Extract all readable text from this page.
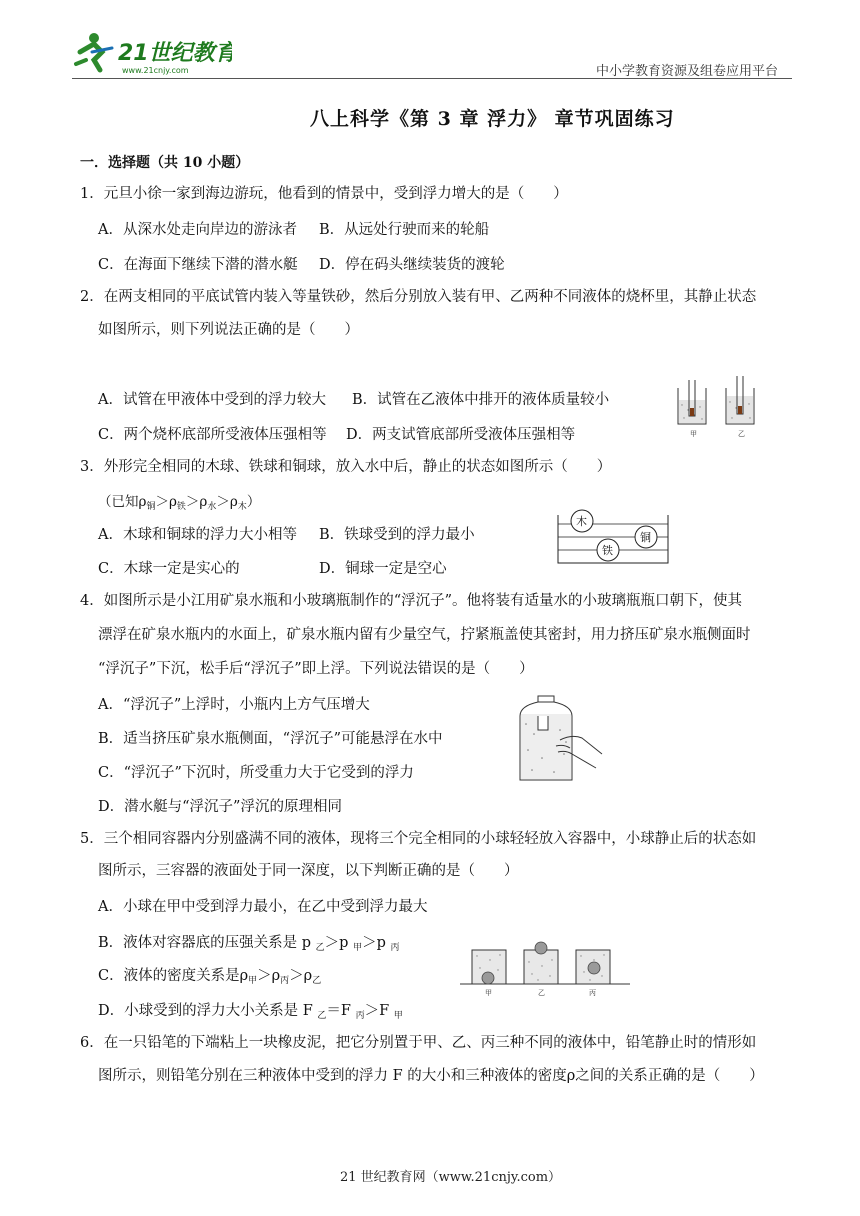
21世纪教育
www.21cnjy.com	中小学教育资源及组卷应用平台
八上科学《第 3 章 浮力》 章节巩固练习
一．选择题（共 10 小题）
1．元旦小徐一家到海边游玩，他看到的情景中，受到浮力增大的是（　　）
A．从深水处走向岸边的游泳者 B．从远处行驶而来的轮船
C．在海面下继续下潜的潜水艇 D．停在码头继续装货的渡轮
2．在两支相同的平底试管内装入等量铁砂，然后分别放入装有甲、乙两种不同液体的烧杯里，其静止状态
如图所示，则下列说法正确的是（　　）
A．试管在甲液体中受到的浮力较大 B．试管在乙液体中排开的液体质量较小
C．两个烧杯底部所受液体压强相等 D．两支试管底部所受液体压强相等	甲	乙
3．外形完全相同的木球、铁球和铜球，放入水中后，静止的状态如图所示（　　）
（已知$\rho_铜>\rho_铁>\rho_水>\rho_木$）
A．木球和铜球的浮力大小相等 B．铁球受到的浮力最小
C．木球一定是实心的	D．铜球一定是空心
木
铜
铁
4．如图所示是小江用矿泉水瓶和小玻璃瓶制作的“浮沉子”。他将装有适量水的小玻璃瓶瓶口朝下，使其
漂浮在矿泉水瓶内的水面上，矿泉水瓶内留有少量空气，拧紧瓶盖使其密封，用力挤压矿泉水瓶侧面时
“浮沉子”下沉，松手后“浮沉子”即上浮。下列说法错误的是（　　）
A．“浮沉子”上浮时，小瓶内上方气压增大
B．适当挤压矿泉水瓶侧面，“浮沉子”可能悬浮在水中
C．“浮沉子”下沉时，所受重力大于它受到的浮力
D．潜水艇与“浮沉子”浮沉的原理相同
5．三个相同容器内分别盛满不同的液体，现将三个完全相同的小球轻轻放入容器中，小球静止后的状态如
图所示，三容器的液面处于同一深度，以下判断正确的是（　　）
A．小球在甲中受到浮力最小，在乙中受到浮力最大
B．液体对容器底的压强关系是 p $_乙$＞p $_甲$＞p $_丙$
C．液体的密度关系是$\rho_甲>\rho_丙>\rho_乙$
D．小球受到的浮力大小关系是 F $_乙$＝F $_丙$＞F $_甲$
甲	乙	丙
6．在一只铅笔的下端粘上一块橡皮泥，把它分别置于甲、乙、丙三种不同的液体中，铅笔静止时的情形如
图所示，则铅笔分别在三种液体中受到的浮力 F 的大小和三种液体的密度ρ之间的关系正确的是（　　）
21 世纪教育网（www.21cnjy.com）
